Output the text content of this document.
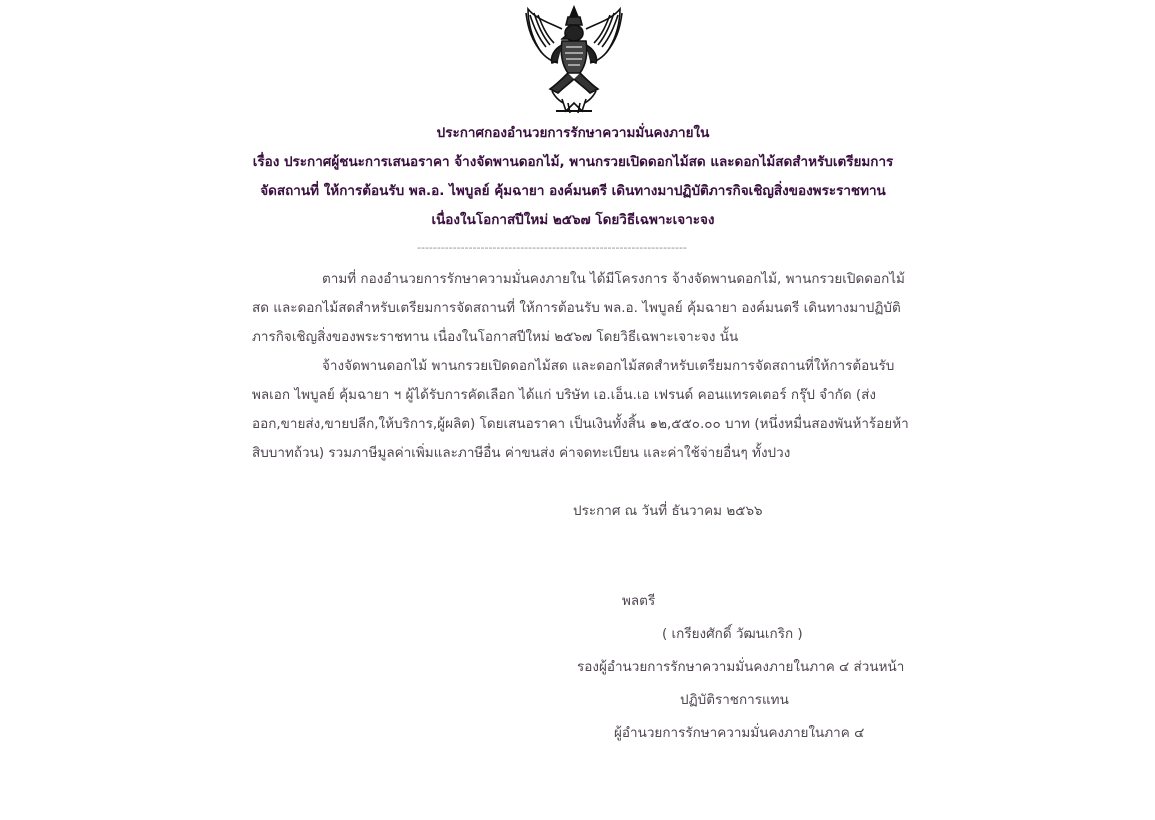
ประกาศกองอำนวยการรักษาความมั่นคงภายใน
เรื่อง ประกาศผู้ชนะการเสนอราคา จ้างจัดพานดอกไม้, พานกรวยเปิดดอกไม้สด และดอกไม้สดสำหรับเตรียมการ
จัดสถานที่ ให้การต้อนรับ พล.อ. ไพบูลย์ คุ้มฉายา องค์มนตรี เดินทางมาปฏิบัติภารกิจเชิญสิ่งของพระราชทาน
เนื่องในโอกาสปีใหม่ ๒๕๖๗ โดยวิธีเฉพาะเจาะจง
--------------------------------------------------------------------
ตามที่ กองอำนวยการรักษาความมั่นคงภายใน ได้มีโครงการ จ้างจัดพานดอกไม้, พานกรวยเปิดดอกไม้
สด และดอกไม้สดสำหรับเตรียมการจัดสถานที่ ให้การต้อนรับ พล.อ. ไพบูลย์ คุ้มฉายา องค์มนตรี เดินทางมาปฏิบัติ
ภารกิจเชิญสิ่งของพระราชทาน เนื่องในโอกาสปีใหม่ ๒๕๖๗ โดยวิธีเฉพาะเจาะจง นั้น
จ้างจัดพานดอกไม้ พานกรวยเปิดดอกไม้สด และดอกไม้สดสำหรับเตรียมการจัดสถานที่ให้การต้อนรับ
พลเอก ไพบูลย์ คุ้มฉายา ฯ ผู้ได้รับการคัดเลือก ได้แก่ บริษัท เอ.เอ็น.เอ เฟรนด์ คอนแทรคเตอร์ กรุ๊ป จำกัด (ส่ง
ออก,ขายส่ง,ขายปลีก,ให้บริการ,ผู้ผลิต) โดยเสนอราคา เป็นเงินทั้งสิ้น ๑๒,๕๕๐.๐๐ บาท (หนึ่งหมื่นสองพันห้าร้อยห้า
สิบบาทถ้วน) รวมภาษีมูลค่าเพิ่มและภาษีอื่น ค่าขนส่ง ค่าจดทะเบียน และค่าใช้จ่ายอื่นๆ ทั้งปวง
ประกาศ ณ วันที่ ธันวาคม ๒๕๖๖
พลตรี
( เกรียงศักดิ์ วัฒนเกริก )
รองผู้อำนวยการรักษาความมั่นคงภายในภาค ๔ ส่วนหน้า
ปฏิบัติราชการแทน
ผู้อำนวยการรักษาความมั่นคงภายในภาค ๔
